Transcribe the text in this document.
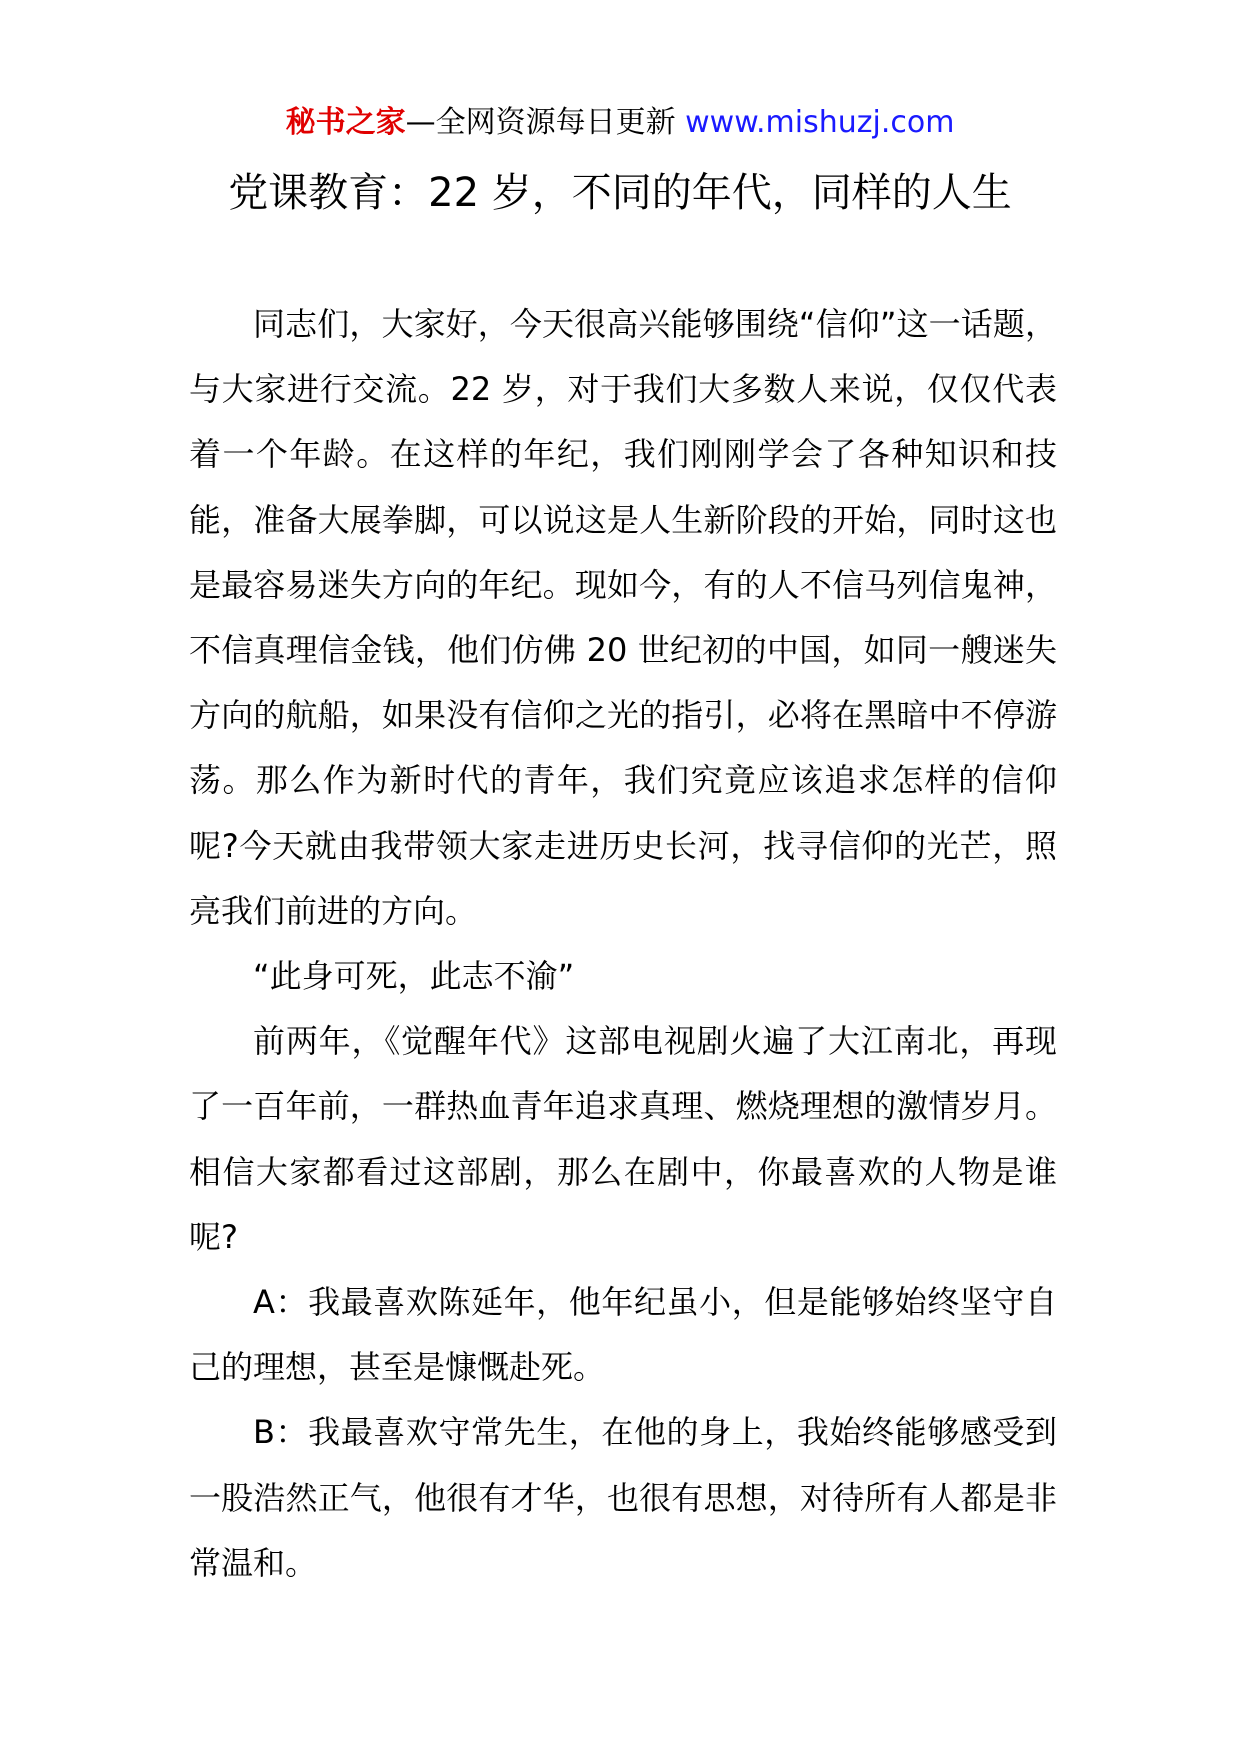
秘书之家—全网资源每日更新 www.mishuzj.com
党课教育：22 岁，不同的年代，同样的人生

同志们，大家好，今天很高兴能够围绕“信仰”这一话题，与大家进行交流。22 岁，对于我们大多数人来说，仅仅代表着一个年龄。在这样的年纪，我们刚刚学会了各种知识和技能，准备大展拳脚，可以说这是人生新阶段的开始，同时这也是最容易迷失方向的年纪。现如今，有的人不信马列信鬼神，不信真理信金钱，他们仿佛 20 世纪初的中国，如同一艘迷失方向的航船，如果没有信仰之光的指引，必将在黑暗中不停游荡。那么作为新时代的青年，我们究竟应该追求怎样的信仰呢?今天就由我带领大家走进历史长河，找寻信仰的光芒，照亮我们前进的方向。

“此身可死，此志不渝”

前两年，《觉醒年代》这部电视剧火遍了大江南北，再现了一百年前，一群热血青年追求真理、燃烧理想的激情岁月。相信大家都看过这部剧，那么在剧中，你最喜欢的人物是谁呢?

A：我最喜欢陈延年，他年纪虽小，但是能够始终坚守自己的理想，甚至是慷慨赴死。

B：我最喜欢守常先生，在他的身上，我始终能够感受到一股浩然正气，他很有才华，也很有思想，对待所有人都是非常温和。
